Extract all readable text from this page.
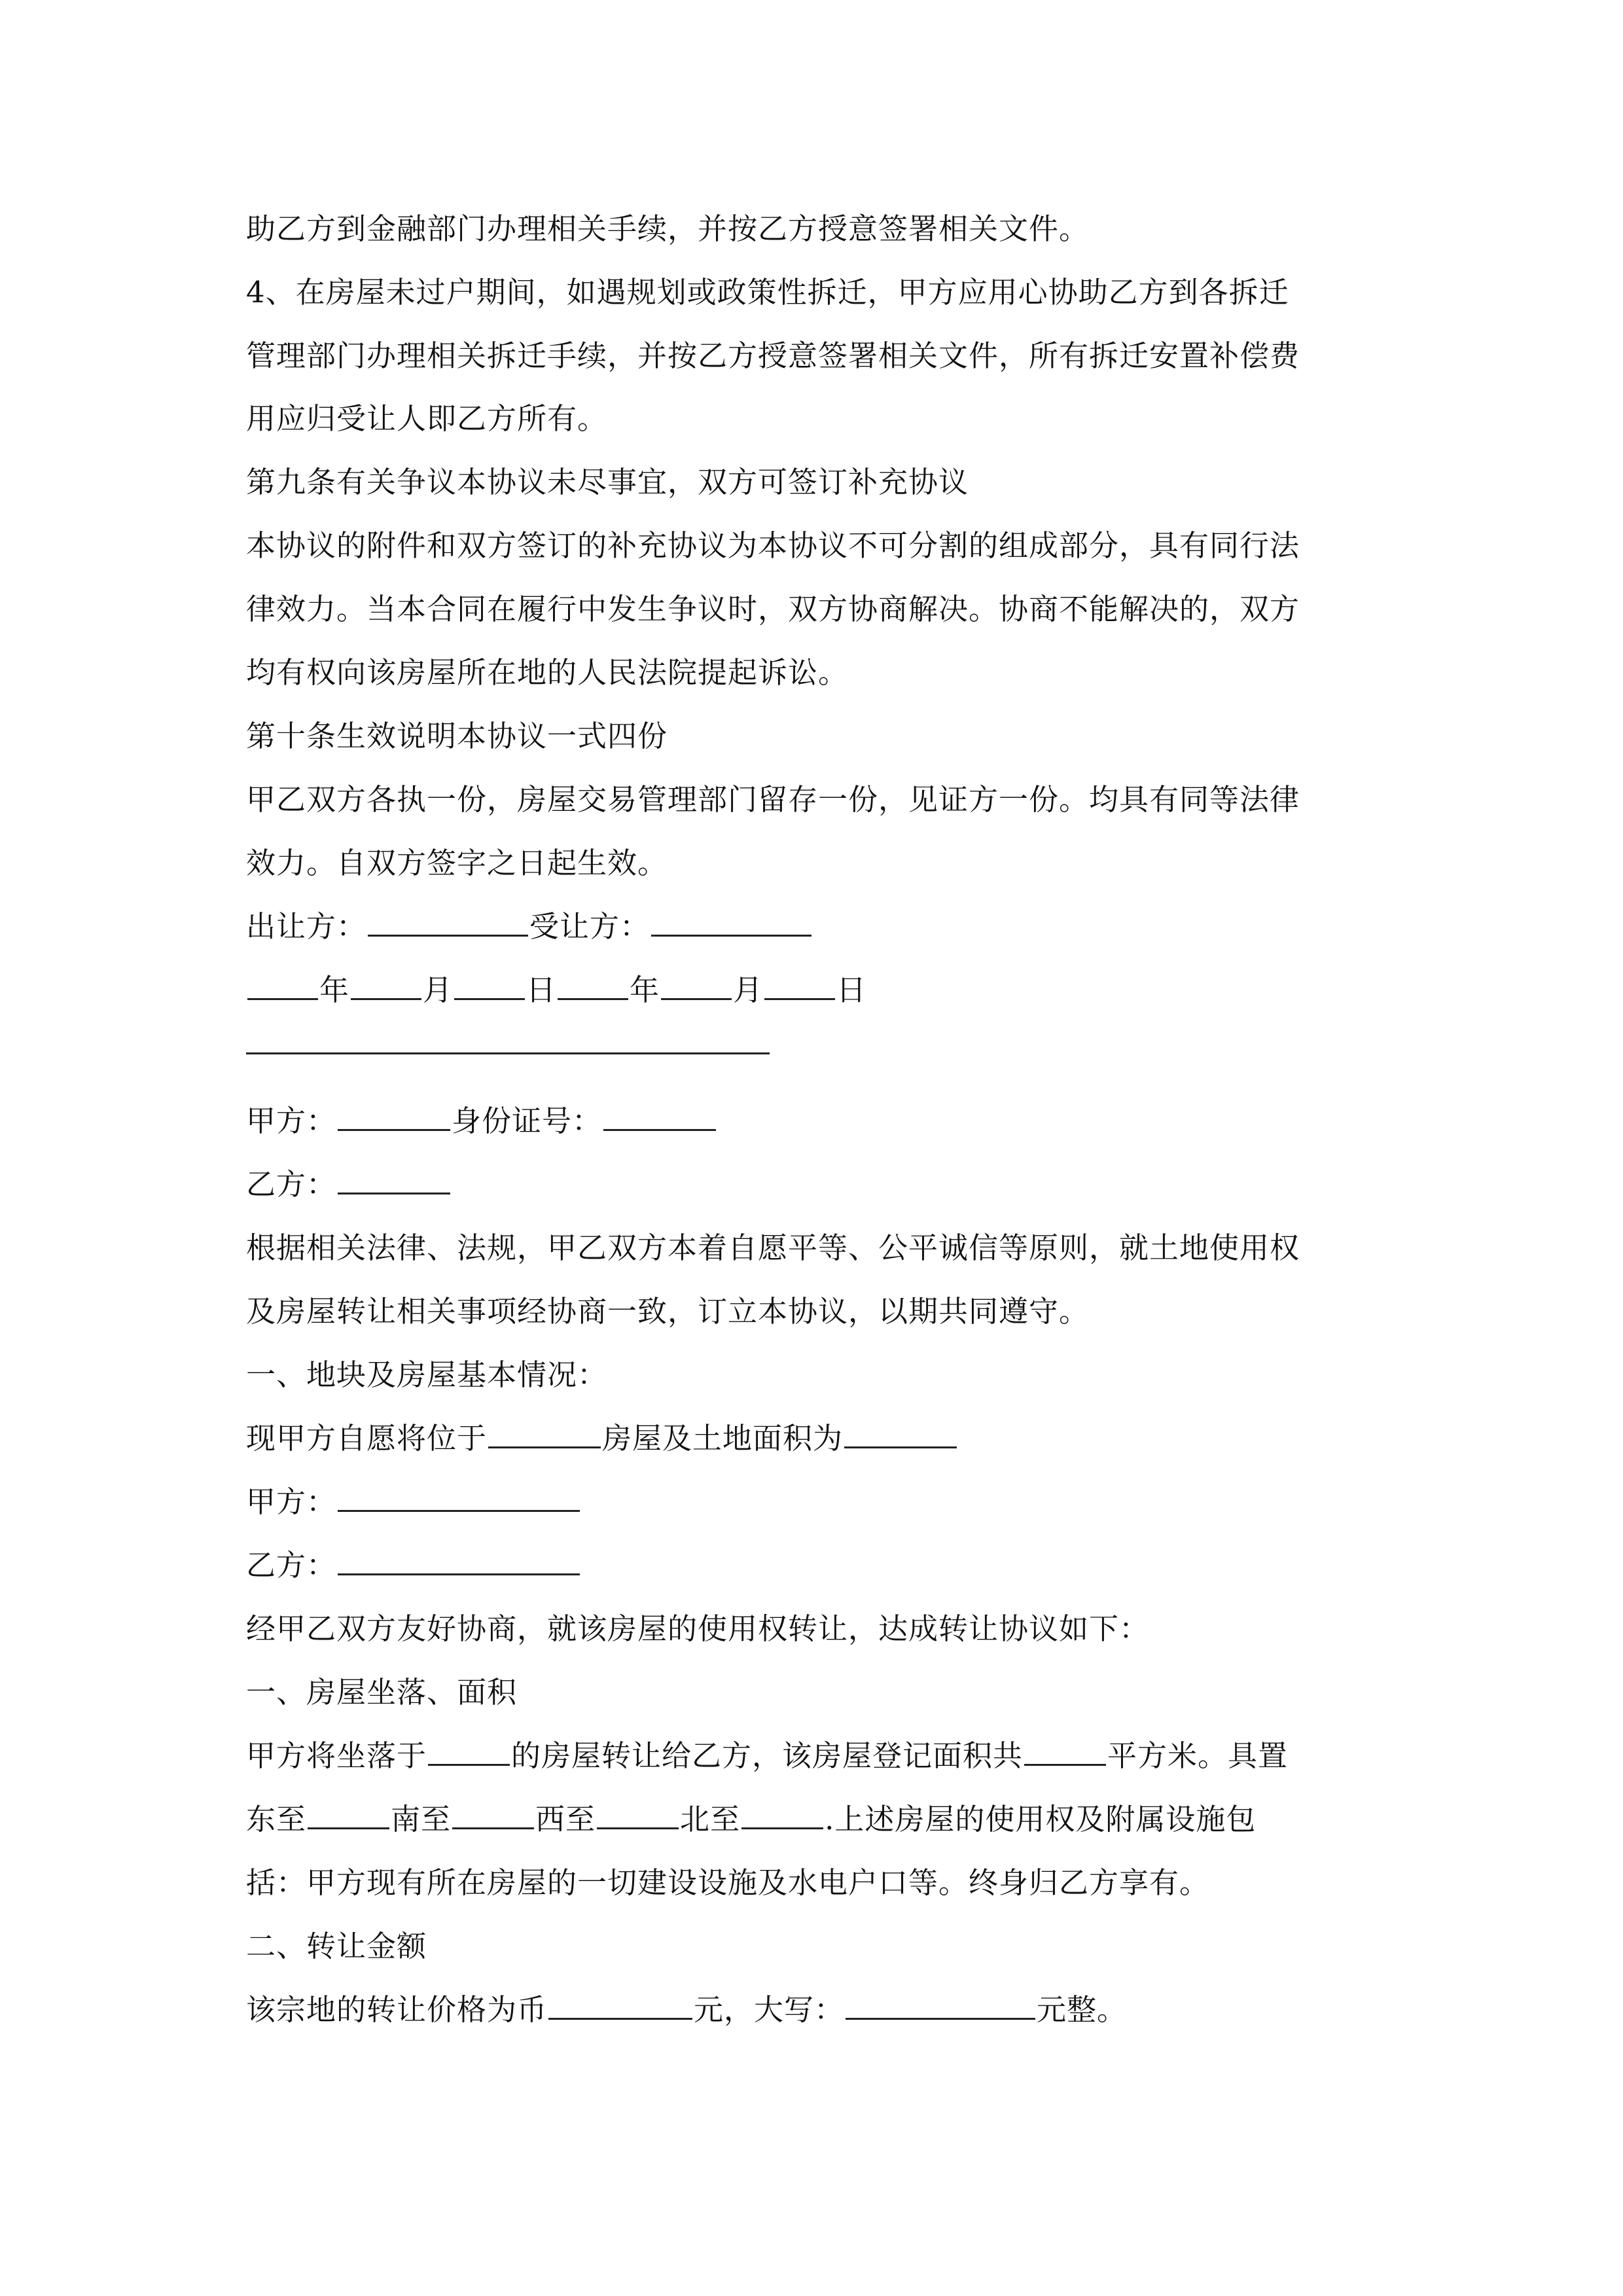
助乙方到金融部门办理相关手续，并按乙方授意签署相关文件。
4、在房屋未过户期间，如遇规划或政策性拆迁，甲方应用心协助乙方到各拆迁
管理部门办理相关拆迁手续，并按乙方授意签署相关文件，所有拆迁安置补偿费
用应归受让人即乙方所有。
第九条有关争议本协议未尽事宜，双方可签订补充协议
本协议的附件和双方签订的补充协议为本协议不可分割的组成部分，具有同行法
律效力。当本合同在履行中发生争议时，双方协商解决。协商不能解决的，双方
均有权向该房屋所在地的人民法院提起诉讼。
第十条生效说明本协议一式四份
甲乙双方各执一份，房屋交易管理部门留存一份，见证方一份。均具有同等法律
效力。自双方签字之日起生效。
出让方：	受让方：
年 月 日 年 月 日
甲方：	身份证号：
乙方：
根据相关法律、法规，甲乙双方本着自愿平等、公平诚信等原则，就土地使用权
及房屋转让相关事项经协商一致，订立本协议，以期共同遵守。
一、地块及房屋基本情况：
现甲方自愿将位于	房屋及土地面积为
甲方：
乙方：
经甲乙双方友好协商，就该房屋的使用权转让，达成转让协议如下：
一、房屋坐落、面积
甲方将坐落于	的房屋转让给乙方，该房屋登记面积共	平方米。具置
东至	南至	西至	北至	.上述房屋的使用权及附属设施包
括：甲方现有所在房屋的一切建设设施及水电户口等。终身归乙方享有。
二、转让金额
该宗地的转让价格为币	元，大写：	元整。
